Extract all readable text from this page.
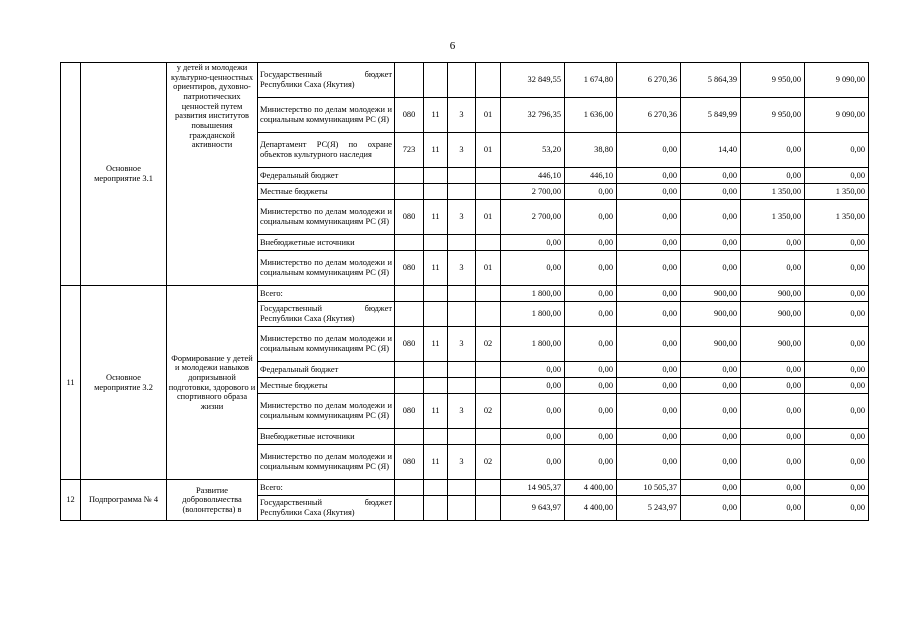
6
	Основное мероприятие 3.1	у детей и молодежи культурно-ценностных ориентиров, духовно-патриотических ценностей путем развития институтов повышения гражданской активности	Государственный бюджет Республики Саха (Якутия)					32 849,55	1 674,80	6 270,36	5 864,39	9 950,00	9 090,00
			Министерство по делам молодежи и социальным коммуникациям РС (Я)	080	11	3	01	32 796,35	1 636,00	6 270,36	5 849,99	9 950,00	9 090,00
			Департамент РС(Я) по охране объектов культурного наследия	723	11	3	01	53,20	38,80	0,00	14,40	0,00	0,00
			Федеральный бюджет					446,10	446,10	0,00	0,00	0,00	0,00
			Местные бюджеты					2 700,00	0,00	0,00	0,00	1 350,00	1 350,00
			Министерство по делам молодежи и социальным коммуникациям РС (Я)	080	11	3	01	2 700,00	0,00	0,00	0,00	1 350,00	1 350,00
			Внебюджетные источники					0,00	0,00	0,00	0,00	0,00	0,00
			Министерство по делам молодежи и социальным коммуникациям РС (Я)	080	11	3	01	0,00	0,00	0,00	0,00	0,00	0,00
11	Основное мероприятие 3.2	Формирование у детей и молодежи навыков допризывной подготовки, здорового и спортивного образа жизни	Всего:					1 800,00	0,00	0,00	900,00	900,00	0,00
			Государственный бюджет Республики Саха (Якутия)					1 800,00	0,00	0,00	900,00	900,00	0,00
			Министерство по делам молодежи и социальным коммуникациям РС (Я)	080	11	3	02	1 800,00	0,00	0,00	900,00	900,00	0,00
			Федеральный бюджет					0,00	0,00	0,00	0,00	0,00	0,00
			Местные бюджеты					0,00	0,00	0,00	0,00	0,00	0,00
			Министерство по делам молодежи и социальным коммуникациям РС (Я)	080	11	3	02	0,00	0,00	0,00	0,00	0,00	0,00
			Внебюджетные источники					0,00	0,00	0,00	0,00	0,00	0,00
			Министерство по делам молодежи и социальным коммуникациям РС (Я)	080	11	3	02	0,00	0,00	0,00	0,00	0,00	0,00
12	Подпрограмма № 4	Развитие добровольчества (волонтерства) в	Всего:					14 905,37	4 400,00	10 505,37	0,00	0,00	0,00
			Государственный бюджет Республики Саха (Якутия)					9 643,97	4 400,00	5 243,97	0,00	0,00	0,00
